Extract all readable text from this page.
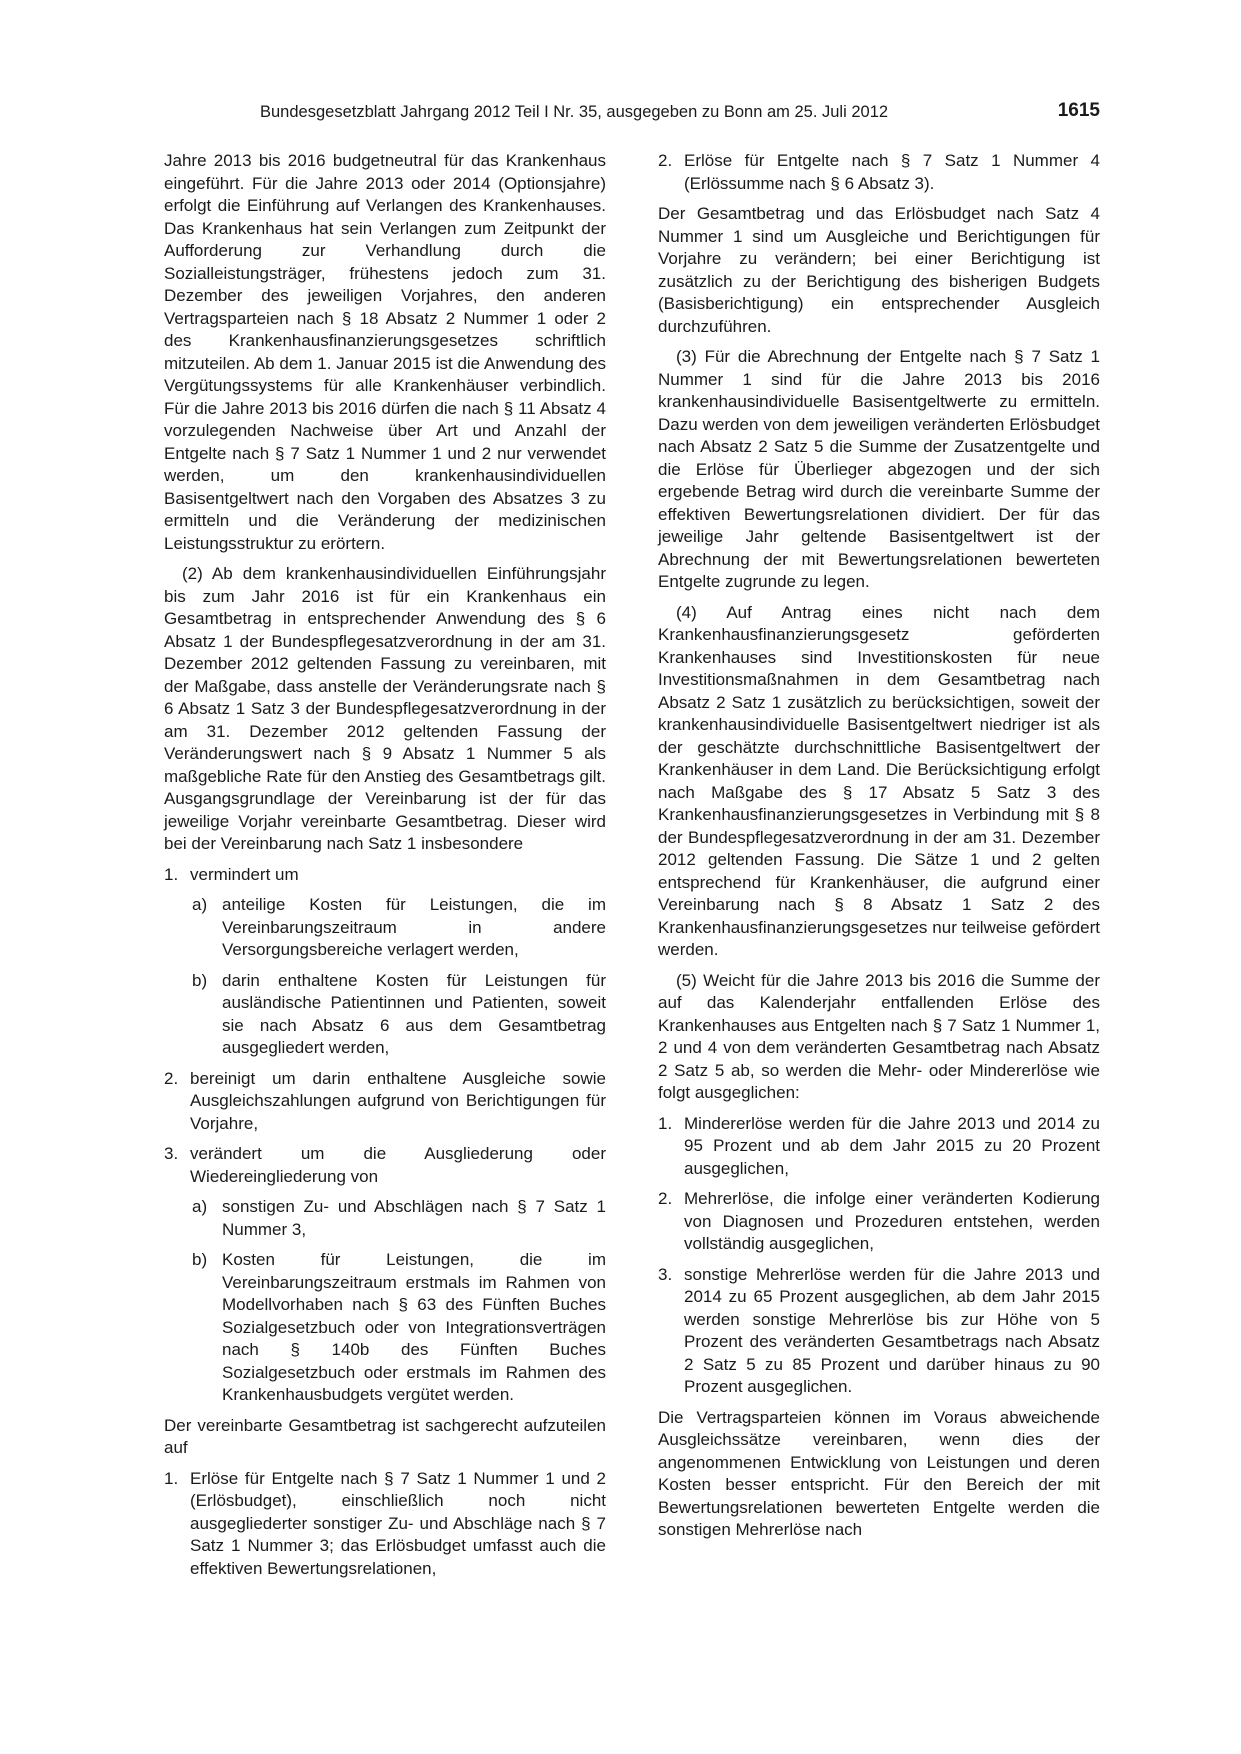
Bundesgesetzblatt Jahrgang 2012 Teil I Nr. 35, ausgegeben zu Bonn am 25. Juli 2012	1615

Jahre 2013 bis 2016 budgetneutral für das Krankenhaus eingeführt. Für die Jahre 2013 oder 2014 (Optionsjahre) erfolgt die Einführung auf Verlangen des Krankenhauses. Das Krankenhaus hat sein Verlangen zum Zeitpunkt der Aufforderung zur Verhandlung durch die Sozialleistungsträger, frühestens jedoch zum 31. Dezember des jeweiligen Vorjahres, den anderen Vertragsparteien nach § 18 Absatz 2 Nummer 1 oder 2 des Krankenhausfinanzierungsgesetzes schriftlich mitzuteilen. Ab dem 1. Januar 2015 ist die Anwendung des Vergütungssystems für alle Krankenhäuser verbindlich. Für die Jahre 2013 bis 2016 dürfen die nach § 11 Absatz 4 vorzulegenden Nachweise über Art und Anzahl der Entgelte nach § 7 Satz 1 Nummer 1 und 2 nur verwendet werden, um den krankenhausindividuellen Basisentgeltwert nach den Vorgaben des Absatzes 3 zu ermitteln und die Veränderung der medizinischen Leistungsstruktur zu erörtern.

(2) Ab dem krankenhausindividuellen Einführungsjahr bis zum Jahr 2016 ist für ein Krankenhaus ein Gesamtbetrag in entsprechender Anwendung des § 6 Absatz 1 der Bundespflegesatzverordnung in der am 31. Dezember 2012 geltenden Fassung zu vereinbaren, mit der Maßgabe, dass anstelle der Veränderungsrate nach § 6 Absatz 1 Satz 3 der Bundespflegesatzverordnung in der am 31. Dezember 2012 geltenden Fassung der Veränderungswert nach § 9 Absatz 1 Nummer 5 als maßgebliche Rate für den Anstieg des Gesamtbetrags gilt. Ausgangsgrundlage der Vereinbarung ist der für das jeweilige Vorjahr vereinbarte Gesamtbetrag. Dieser wird bei der Vereinbarung nach Satz 1 insbesondere

1. vermindert um
a) anteilige Kosten für Leistungen, die im Vereinbarungszeitraum in andere Versorgungsbereiche verlagert werden,
b) darin enthaltene Kosten für Leistungen für ausländische Patientinnen und Patienten, soweit sie nach Absatz 6 aus dem Gesamtbetrag ausgegliedert werden,
2. bereinigt um darin enthaltene Ausgleiche sowie Ausgleichszahlungen aufgrund von Berichtigungen für Vorjahre,
3. verändert um die Ausgliederung oder Wiedereingliederung von
a) sonstigen Zu- und Abschlägen nach § 7 Satz 1 Nummer 3,
b) Kosten für Leistungen, die im Vereinbarungszeitraum erstmals im Rahmen von Modellvorhaben nach § 63 des Fünften Buches Sozialgesetzbuch oder von Integrationsverträgen nach § 140b des Fünften Buches Sozialgesetzbuch oder erstmals im Rahmen des Krankenhausbudgets vergütet werden.

Der vereinbarte Gesamtbetrag ist sachgerecht aufzuteilen auf

1. Erlöse für Entgelte nach § 7 Satz 1 Nummer 1 und 2 (Erlösbudget), einschließlich noch nicht ausgegliederter sonstiger Zu- und Abschläge nach § 7 Satz 1 Nummer 3; das Erlösbudget umfasst auch die effektiven Bewertungsrelationen,
2. Erlöse für Entgelte nach § 7 Satz 1 Nummer 4 (Erlössumme nach § 6 Absatz 3).

Der Gesamtbetrag und das Erlösbudget nach Satz 4 Nummer 1 sind um Ausgleiche und Berichtigungen für Vorjahre zu verändern; bei einer Berichtigung ist zusätzlich zu der Berichtigung des bisherigen Budgets (Basisberichtigung) ein entsprechender Ausgleich durchzuführen.

(3) Für die Abrechnung der Entgelte nach § 7 Satz 1 Nummer 1 sind für die Jahre 2013 bis 2016 krankenhausindividuelle Basisentgeltwerte zu ermitteln. Dazu werden von dem jeweiligen veränderten Erlösbudget nach Absatz 2 Satz 5 die Summe der Zusatzentgelte und die Erlöse für Überlieger abgezogen und der sich ergebende Betrag wird durch die vereinbarte Summe der effektiven Bewertungsrelationen dividiert. Der für das jeweilige Jahr geltende Basisentgeltwert ist der Abrechnung der mit Bewertungsrelationen bewerteten Entgelte zugrunde zu legen.

(4) Auf Antrag eines nicht nach dem Krankenhausfinanzierungsgesetz geförderten Krankenhauses sind Investitionskosten für neue Investitionsmaßnahmen in dem Gesamtbetrag nach Absatz 2 Satz 1 zusätzlich zu berücksichtigen, soweit der krankenhausindividuelle Basisentgeltwert niedriger ist als der geschätzte durchschnittliche Basisentgeltwert der Krankenhäuser in dem Land. Die Berücksichtigung erfolgt nach Maßgabe des § 17 Absatz 5 Satz 3 des Krankenhausfinanzierungsgesetzes in Verbindung mit § 8 der Bundespflegesatzverordnung in der am 31. Dezember 2012 geltenden Fassung. Die Sätze 1 und 2 gelten entsprechend für Krankenhäuser, die aufgrund einer Vereinbarung nach § 8 Absatz 1 Satz 2 des Krankenhausfinanzierungsgesetzes nur teilweise gefördert werden.

(5) Weicht für die Jahre 2013 bis 2016 die Summe der auf das Kalenderjahr entfallenden Erlöse des Krankenhauses aus Entgelten nach § 7 Satz 1 Nummer 1, 2 und 4 von dem veränderten Gesamtbetrag nach Absatz 2 Satz 5 ab, so werden die Mehr- oder Mindererlöse wie folgt ausgeglichen:

1. Mindererlöse werden für die Jahre 2013 und 2014 zu 95 Prozent und ab dem Jahr 2015 zu 20 Prozent ausgeglichen,
2. Mehrerlöse, die infolge einer veränderten Kodierung von Diagnosen und Prozeduren entstehen, werden vollständig ausgeglichen,
3. sonstige Mehrerlöse werden für die Jahre 2013 und 2014 zu 65 Prozent ausgeglichen, ab dem Jahr 2015 werden sonstige Mehrerlöse bis zur Höhe von 5 Prozent des veränderten Gesamtbetrags nach Absatz 2 Satz 5 zu 85 Prozent und darüber hinaus zu 90 Prozent ausgeglichen.

Die Vertragsparteien können im Voraus abweichende Ausgleichssätze vereinbaren, wenn dies der angenommenen Entwicklung von Leistungen und deren Kosten besser entspricht. Für den Bereich der mit Bewertungsrelationen bewerteten Entgelte werden die sonstigen Mehrerlöse nach
